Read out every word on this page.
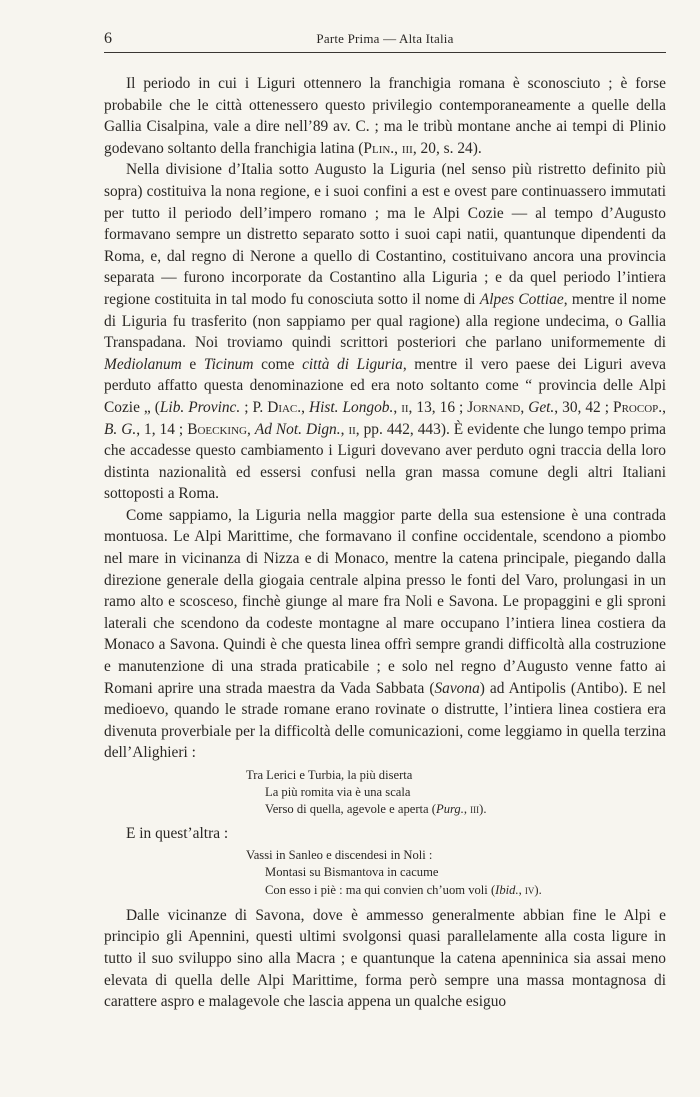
6	Parte Prima — Alta Italia

Il periodo in cui i Liguri ottennero la franchigia romana è sconosciuto ; è forse probabile che le città ottenessero questo privilegio contemporaneamente a quelle della Gallia Cisalpina, vale a dire nell’89 av. C. ; ma le tribù montane anche ai tempi di Plinio godevano soltanto della franchigia latina (Plin., iii, 20, s. 24).

Nella divisione d’Italia sotto Augusto la Liguria (nel senso più ristretto definito più sopra) costituiva la nona regione, e i suoi confini a est e ovest pare continuassero immutati per tutto il periodo dell’impero romano ; ma le Alpi Cozie — al tempo d’Augusto formavano sempre un distretto separato sotto i suoi capi natii, quantunque dipendenti da Roma, e, dal regno di Nerone a quello di Costantino, costituivano ancora una provincia separata — furono incorporate da Costantino alla Liguria ; e da quel periodo l’intiera regione costituita in tal modo fu conosciuta sotto il nome di Alpes Cottiae, mentre il nome di Liguria fu trasferito (non sappiamo per qual ragione) alla regione undecima, o Gallia Transpadana. Noi troviamo quindi scrittori posteriori che parlano uniformemente di Mediolanum e Ticinum come città di Liguria, mentre il vero paese dei Liguri aveva perduto affatto questa denominazione ed era noto soltanto come “ provincia delle Alpi Cozie „ (Lib. Provinc. ; P. Diac., Hist. Longob., ii, 13, 16 ; Jornand, Get., 30, 42 ; Procop., B. G., 1, 14 ; Boecking, Ad Not. Dign., ii, pp. 442, 443). È evidente che lungo tempo prima che accadesse questo cambiamento i Liguri dovevano aver perduto ogni traccia della loro distinta nazionalità ed essersi confusi nella gran massa comune degli altri Italiani sottoposti a Roma.

Come sappiamo, la Liguria nella maggior parte della sua estensione è una contrada montuosa. Le Alpi Marittime, che formavano il confine occidentale, scendono a piombo nel mare in vicinanza di Nizza e di Monaco, mentre la catena principale, piegando dalla direzione generale della giogaia centrale alpina presso le fonti del Varo, prolungasi in un ramo alto e scosceso, finchè giunge al mare fra Noli e Savona. Le propaggini e gli sproni laterali che scendono da codeste montagne al mare occupano l’intiera linea costiera da Monaco a Savona. Quindi è che questa linea offrì sempre grandi difficoltà alla costruzione e manutenzione di una strada praticabile ; e solo nel regno d’Augusto venne fatto ai Romani aprire una strada maestra da Vada Sabbata (Savona) ad Antipolis (Antibo). E nel medioevo, quando le strade romane erano rovinate o distrutte, l’intiera linea costiera era divenuta proverbiale per la difficoltà delle comunicazioni, come leggiamo in quella terzina dell’Alighieri :

Tra Lerici e Turbia, la più diserta
La più romita via è una scala
Verso di quella, agevole e aperta (Purg., iii).
E in quest’altra :
Vassi in Sanleo e discendesi in Noli :
Montasi su Bismantova in cacume
Con esso i piè : ma qui convien ch’uom voli (Ibid., iv).

Dalle vicinanze di Savona, dove è ammesso generalmente abbian fine le Alpi e principio gli Apennini, questi ultimi svolgonsi quasi parallelamente alla costa ligure in tutto il suo sviluppo sino alla Macra ; e quantunque la catena apenninica sia assai meno elevata di quella delle Alpi Marittime, forma però sempre una massa montagnosa di carattere aspro e malagevole che lascia appena un qualche esiguo
